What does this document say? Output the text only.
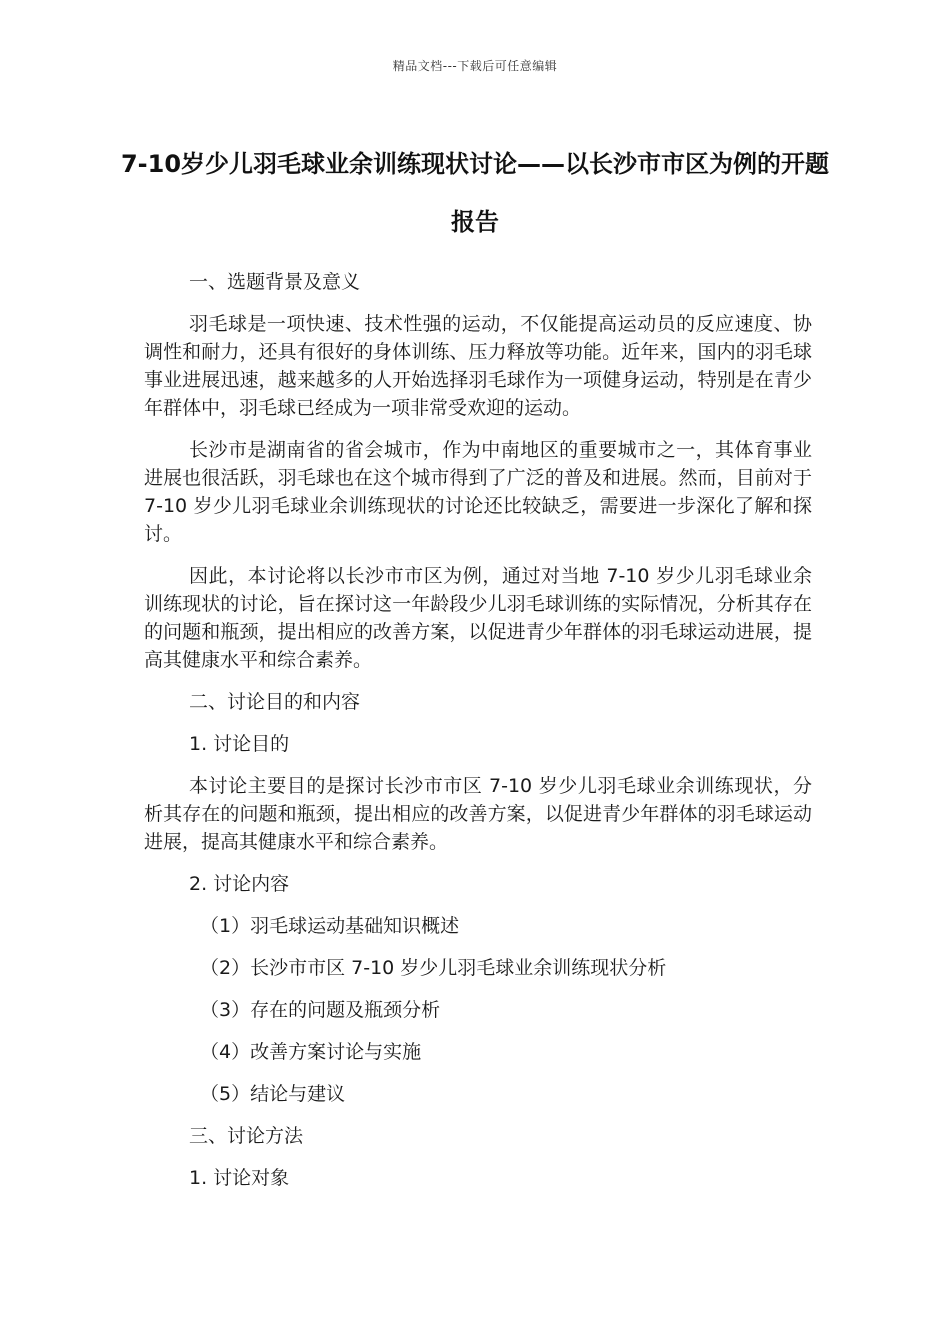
精品文档---下载后可任意编辑
7-10岁少儿羽毛球业余训练现状讨论——以长沙市市区为例的开题报告

一、选题背景及意义

羽毛球是一项快速、技术性强的运动，不仅能提高运动员的反应速度、协调性和耐力，还具有很好的身体训练、压力释放等功能。近年来，国内的羽毛球事业进展迅速，越来越多的人开始选择羽毛球作为一项健身运动，特别是在青少年群体中，羽毛球已经成为一项非常受欢迎的运动。

长沙市是湖南省的省会城市，作为中南地区的重要城市之一，其体育事业进展也很活跃，羽毛球也在这个城市得到了广泛的普及和进展。然而，目前对于 7-10 岁少儿羽毛球业余训练现状的讨论还比较缺乏，需要进一步深化了解和探讨。

因此，本讨论将以长沙市市区为例，通过对当地 7-10 岁少儿羽毛球业余训练现状的讨论，旨在探讨这一年龄段少儿羽毛球训练的实际情况，分析其存在的问题和瓶颈，提出相应的改善方案，以促进青少年群体的羽毛球运动进展，提高其健康水平和综合素养。

二、讨论目的和内容

1. 讨论目的

本讨论主要目的是探讨长沙市市区 7-10 岁少儿羽毛球业余训练现状，分析其存在的问题和瓶颈，提出相应的改善方案，以促进青少年群体的羽毛球运动进展，提高其健康水平和综合素养。

2. 讨论内容

（1）羽毛球运动基础知识概述

（2）长沙市市区 7-10 岁少儿羽毛球业余训练现状分析

（3）存在的问题及瓶颈分析

（4）改善方案讨论与实施

（5）结论与建议

三、讨论方法

1. 讨论对象
